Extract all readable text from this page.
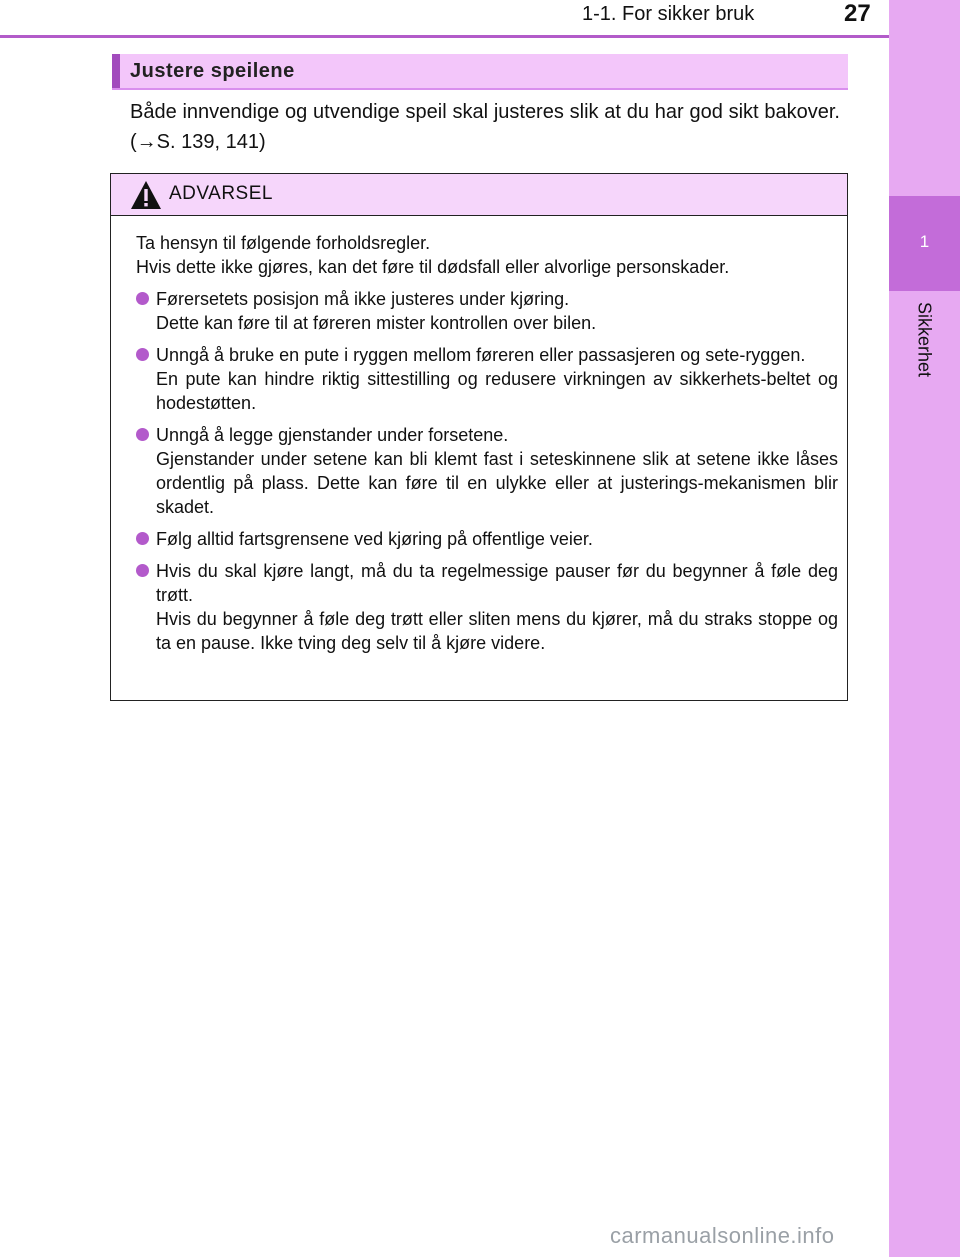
1
Sikkerhet
1-1. For sikker bruk	27
Justere speilene
Både innvendige og utvendige speil skal justeres slik at du har god sikt bakover. (→S. 139, 141)
ADVARSEL

Ta hensyn til følgende forholdsregler.

Hvis dette ikke gjøres, kan det føre til dødsfall eller alvorlige personskader.

Førersetets posisjon må ikke justeres under kjøring.

Dette kan føre til at føreren mister kontrollen over bilen.

Unngå å bruke en pute i ryggen mellom føreren eller passasjeren og sete-ryggen.

En pute kan hindre riktig sittestilling og redusere virkningen av sikkerhets-beltet og hodestøtten.

Unngå å legge gjenstander under forsetene.

Gjenstander under setene kan bli klemt fast i seteskinnene slik at setene ikke låses ordentlig på plass. Dette kan føre til en ulykke eller at justerings-mekanismen blir skadet.

Følg alltid fartsgrensene ved kjøring på offentlige veier.

Hvis du skal kjøre langt, må du ta regelmessige pauser før du begynner å føle deg trøtt.

Hvis du begynner å føle deg trøtt eller sliten mens du kjører, må du straks stoppe og ta en pause. Ikke tving deg selv til å kjøre videre.

carmanualsonline.info
